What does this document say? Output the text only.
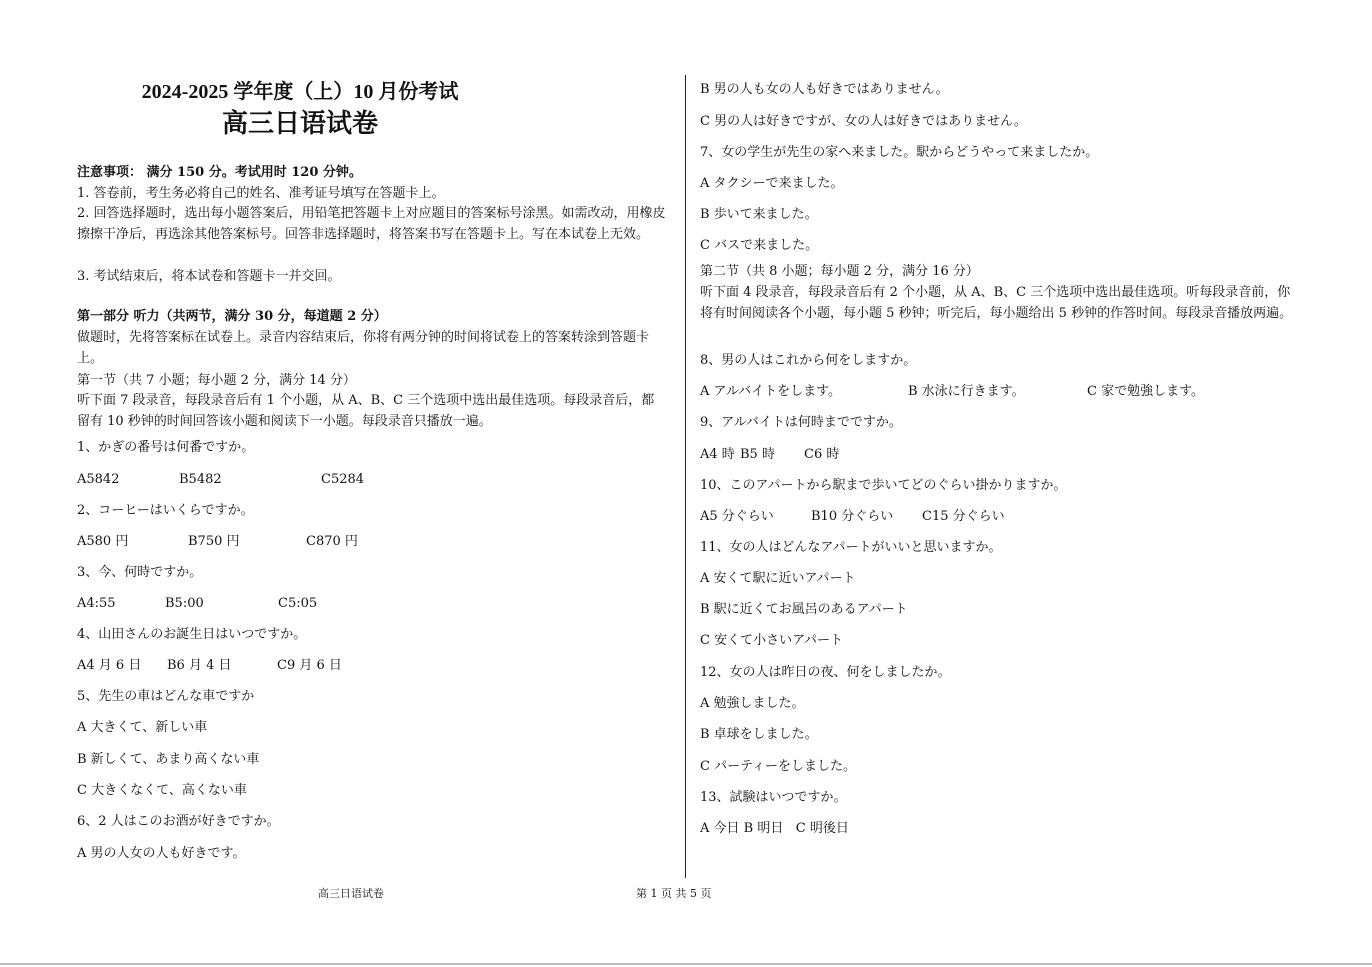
2024-2025 学年度（上）10 月份考试
高三日语试卷
注意事项： 满分 150 分。考试用时 120 分钟。
1. 答卷前，考生务必将自己的姓名、准考证号填写在答题卡上。
2. 回答选择题时，选出每小题答案后，用铅笔把答题卡上对应题目的答案标号涂黑。如需改动，用橡皮擦擦干净后，再选涂其他答案标号。回答非选择题时，将答案书写在答题卡上。写在本试卷上无效。
3. 考试结束后，将本试卷和答题卡一并交回。
第一部分 听力（共两节，满分 30 分，每道题 2 分）
做题时，先将答案标在试卷上。录音内容结束后，你将有两分钟的时间将试卷上的答案转涂到答题卡上。
第一节（共 7 小题；每小题 2 分，满分 14 分）
听下面 7 段录音，每段录音后有 1 个小题，从 A、B、C 三个选项中选出最佳选项。每段录音后，都留有 10 秒钟的时间回答该小题和阅读下一小题。每段录音只播放一遍。
1、かぎの番号は何番ですか。
A5842	B5482	C5284
2、コーヒーはいくらですか。
A580 円	B750 円	C870 円
3、今、何時ですか。
A4:55	B5:00	C5:05
4、山田さんのお誕生日はいつですか。
A4 月 6 日 B6 月 4 日	C9 月 6 日
5、先生の車はどんな車ですか
A 大きくて、新しい車
B 新しくて、あまり高くない車
C 大きくなくて、高くない車
6、2 人はこのお酒が好きですか。
A 男の人女の人も好きです。
B 男の人も女の人も好きではありません。
C 男の人は好きですが、女の人は好きではありません。
7、女の学生が先生の家へ来ました。駅からどうやって来ましたか。
A タクシーで来ました。
B 歩いて来ました。
C バスで来ました。
第二节（共 8 小题；每小题 2 分，满分 16 分）
听下面 4 段录音，每段录音后有 2 个小题，从 A、B、C 三个选项中选出最佳选项。听每段录音前，你将有时间阅读各个小题，每小题 5 秒钟；听完后，每小题给出 5 秒钟的作答时间。每段录音播放两遍。
8、男の人はこれから何をしますか。
A アルバイトをします。	B 水泳に行きます。	C 家で勉強します。
9、アルバイトは何時までですか。
A4 時 B5 時 C6 時
10、このアパートから駅まで歩いてどのぐらい掛かりますか。
A5 分ぐらい	B10 分ぐらい C15 分ぐらい
11、女の人はどんなアパートがいいと思いますか。
A 安くて駅に近いアパート
B 駅に近くてお風呂のあるアパート
C 安くて小さいアパート
12、女の人は昨日の夜、何をしましたか。
A 勉強しました。
B 卓球をしました。
C パーティーをしました。
13、試験はいつですか。
A 今日 B 明日   C 明後日
高三日语试卷	第 1 页 共 5 页
